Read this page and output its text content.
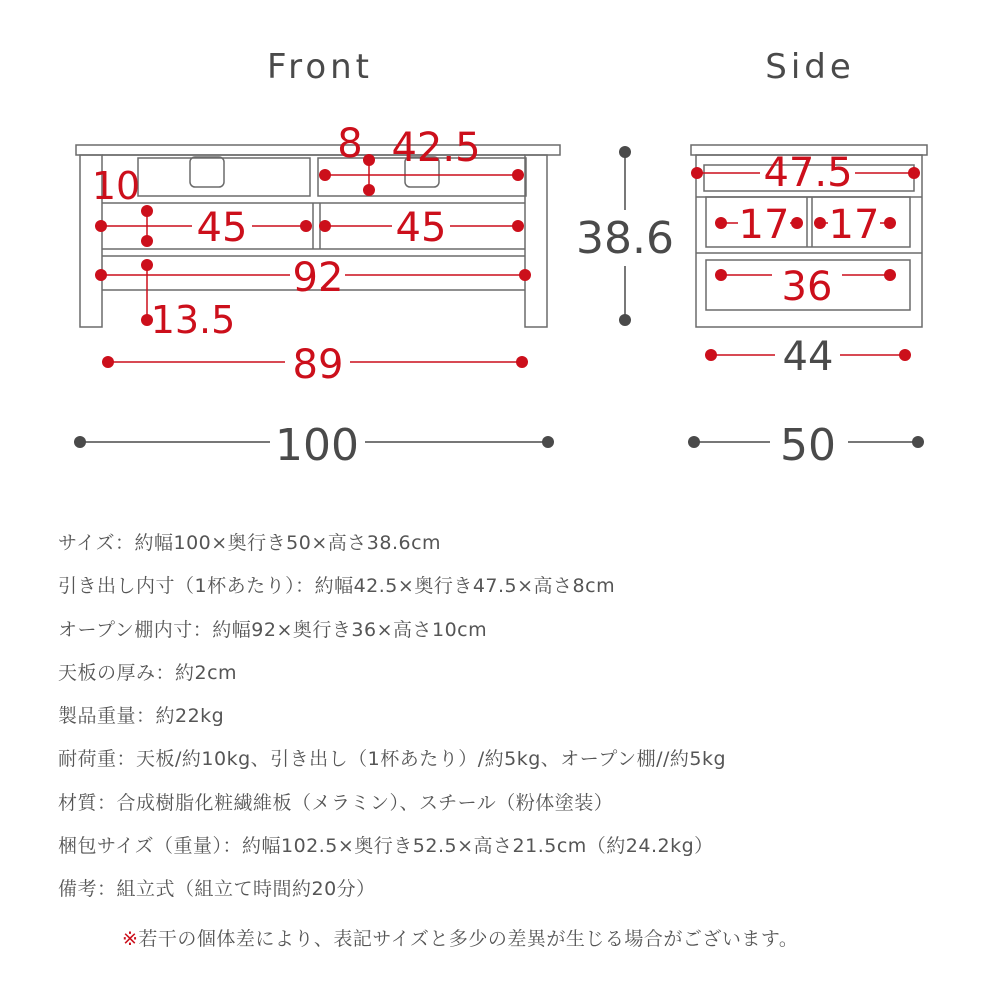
Front
8 42.5
10
45	45
92
13.5
89
100
Side
38.6
47.5
17 17
36
44
50
サイズ：約幅100×奥行き50×高さ38.6cm
引き出し内寸（1杯あたり）：約幅42.5×奥行き47.5×高さ8cm
オープン棚内寸：約幅92×奥行き36×高さ10cm
天板の厚み：約2cm
製品重量：約22kg
耐荷重：天板/約10kg、引き出し（1杯あたり）/約5kg、オープン棚//約5kg
材質：合成樹脂化粧繊維板（メラミン）、スチール（粉体塗装）
梱包サイズ（重量）：約幅102.5×奥行き52.5×高さ21.5cm（約24.2kg）
備考：組立式（組立て時間約20分）
※若干の個体差により、表記サイズと多少の差異が生じる場合がございます。
